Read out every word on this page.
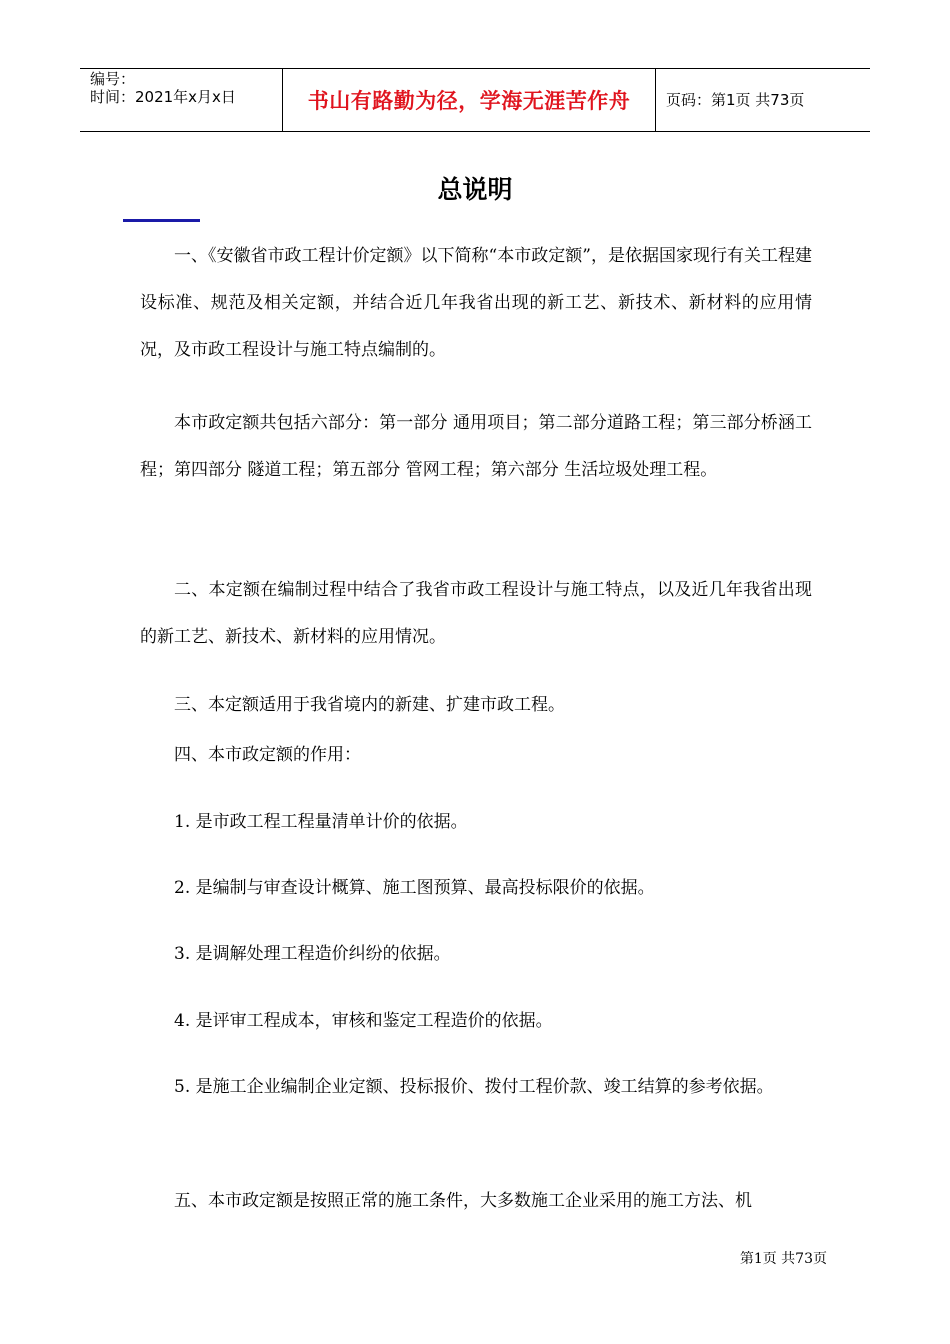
编号：
时间：2021年x月x日	书山有路勤为径，学海无涯苦作舟 页码：第1页 共73页
总说明
一、《安徽省市政工程计价定额》以下简称“本市政定额”，是依据国家现行有关工程建设标准、规范及相关定额，并结合近几年我省出现的新工艺、新技术、新材料的应用情况，及市政工程设计与施工特点编制的。
本市政定额共包括六部分：第一部分 通用项目；第二部分道路工程；第三部分桥涵工程；第四部分 隧道工程；第五部分 管网工程；第六部分 生活垃圾处理工程。
二、本定额在编制过程中结合了我省市政工程设计与施工特点，以及近几年我省出现的新工艺、新技术、新材料的应用情况。
三、本定额适用于我省境内的新建、扩建市政工程。
四、本市政定额的作用：
1. 是市政工程工程量清单计价的依据。
2. 是编制与审查设计概算、施工图预算、最高投标限价的依据。
3. 是调解处理工程造价纠纷的依据。
4. 是评审工程成本，审核和鉴定工程造价的依据。
5. 是施工企业编制企业定额、投标报价、拨付工程价款、竣工结算的参考依据。
五、本市政定额是按照正常的施工条件，大多数施工企业采用的施工方法、机
第1页 共73页
